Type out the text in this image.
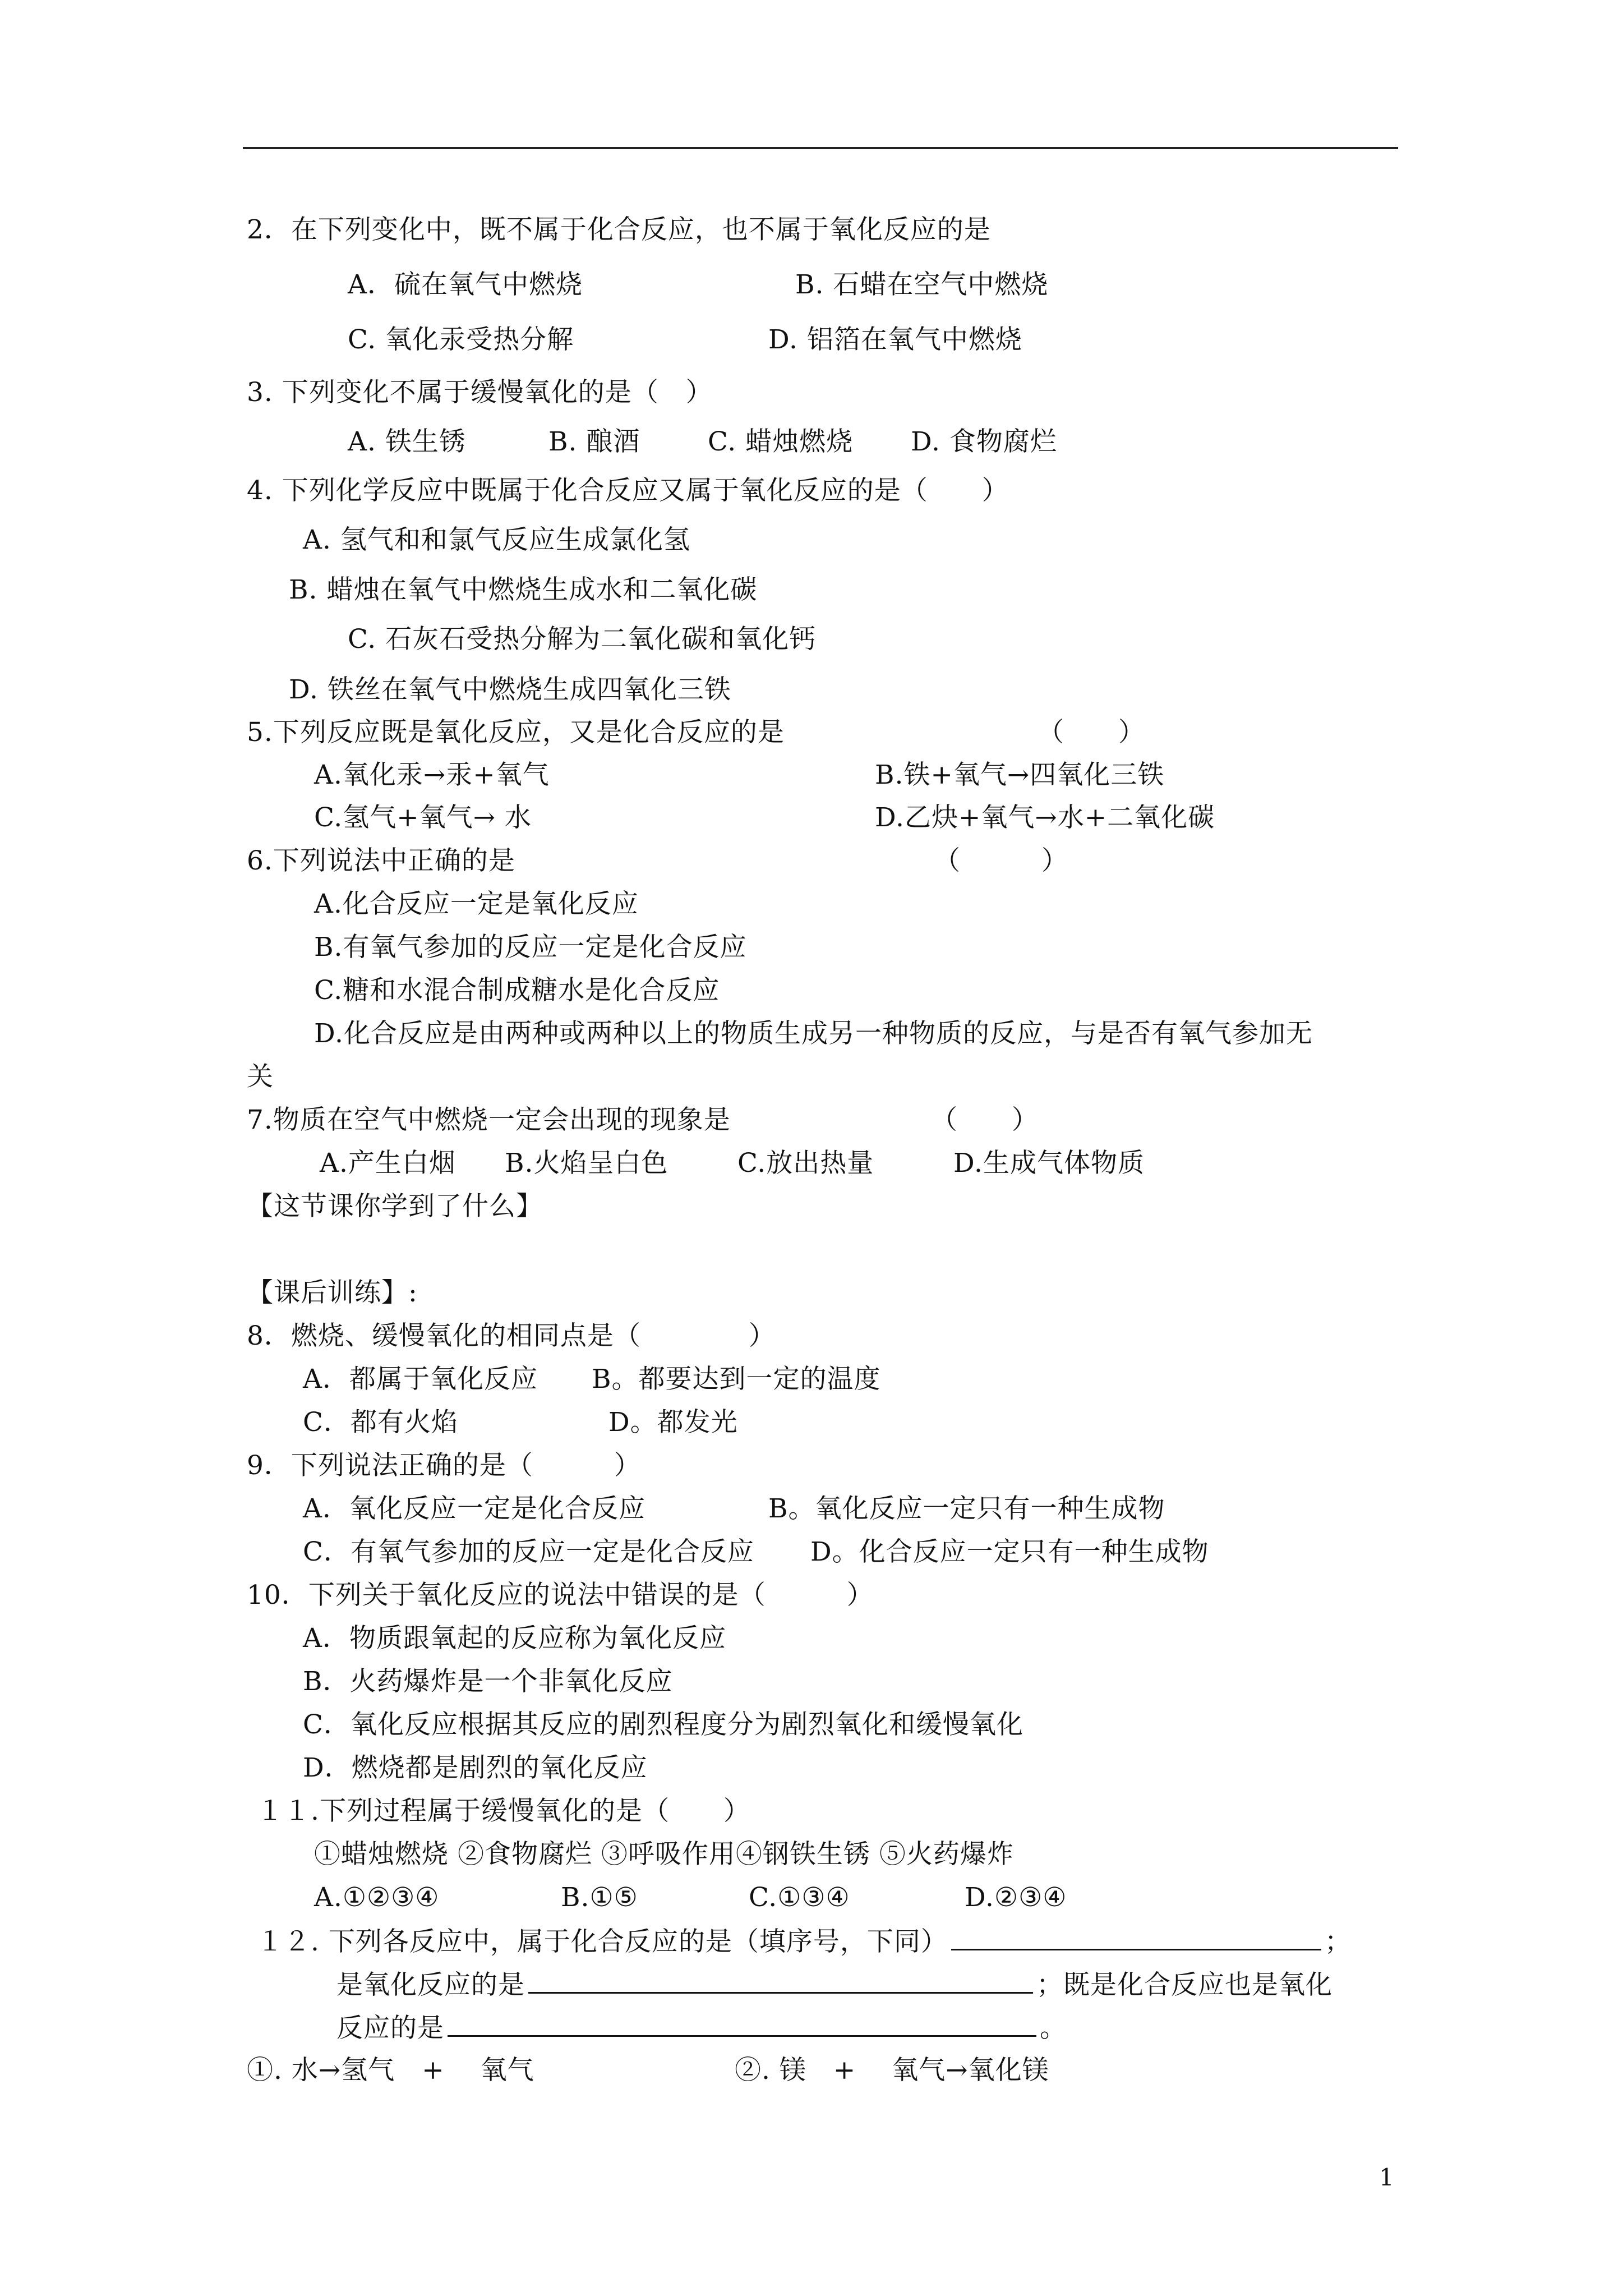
2．在下列变化中，既不属于化合反应，也不属于氧化反应的是
A．硫在氧气中燃烧	B. 石蜡在空气中燃烧
C. 氧化汞受热分解	D. 铝箔在氧气中燃烧
3. 下列变化不属于缓慢氧化的是（　）
A. 铁生锈	B. 酿酒	C. 蜡烛燃烧 D. 食物腐烂
4. 下列化学反应中既属于化合反应又属于氧化反应的是（　　）
A. 氢气和和氯气反应生成氯化氢
B. 蜡烛在氧气中燃烧生成水和二氧化碳
C. 石灰石受热分解为二氧化碳和氧化钙
D. 铁丝在氧气中燃烧生成四氧化三铁
5.下列反应既是氧化反应，又是化合反应的是	（　　）
A.氧化汞→汞+氧气	B.铁+氧气→四氧化三铁
C.氢气+氧气→ 水	D.乙炔+氧气→水+二氧化碳
6.下列说法中正确的是	（　　　）
A.化合反应一定是氧化反应
B.有氧气参加的反应一定是化合反应
C.糖和水混合制成糖水是化合反应
D.化合反应是由两种或两种以上的物质生成另一种物质的反应，与是否有氧气参加无
关
7.物质在空气中燃烧一定会出现的现象是	（　　）
A.产生白烟 B.火焰呈白色	C.放出热量	D.生成气体物质
【这节课你学到了什么】
【课后训练】:
8．燃烧、缓慢氧化的相同点是（　　　　）
A．都属于氧化反应 B。都要达到一定的温度
C．都有火焰	D。都发光
9．下列说法正确的是（　　　）
A．氧化反应一定是化合反应	B。氧化反应一定只有一种生成物
C．有氧气参加的反应一定是化合反应 D。化合反应一定只有一种生成物
10．下列关于氧化反应的说法中错误的是（　　　）
A．物质跟氧起的反应称为氧化反应
B．火药爆炸是一个非氧化反应
C．氧化反应根据其反应的剧烈程度分为剧烈氧化和缓慢氧化
D．燃烧都是剧烈的氧化反应
１１.下列过程属于缓慢氧化的是（　　）
①蜡烛燃烧 ②食物腐烂 ③呼吸作用④钢铁生锈 ⑤火药爆炸
A.①②③④	B.①⑤	C.①③④	D.②③④
１２. 下列各反应中，属于化合反应的是（填序号，下同）	；
是氧化反应的是	；既是化合反应也是氧化
反应的是	。
①. 水→氢气　+　 氧气	②. 镁　+　 氧气→氧化镁
1
